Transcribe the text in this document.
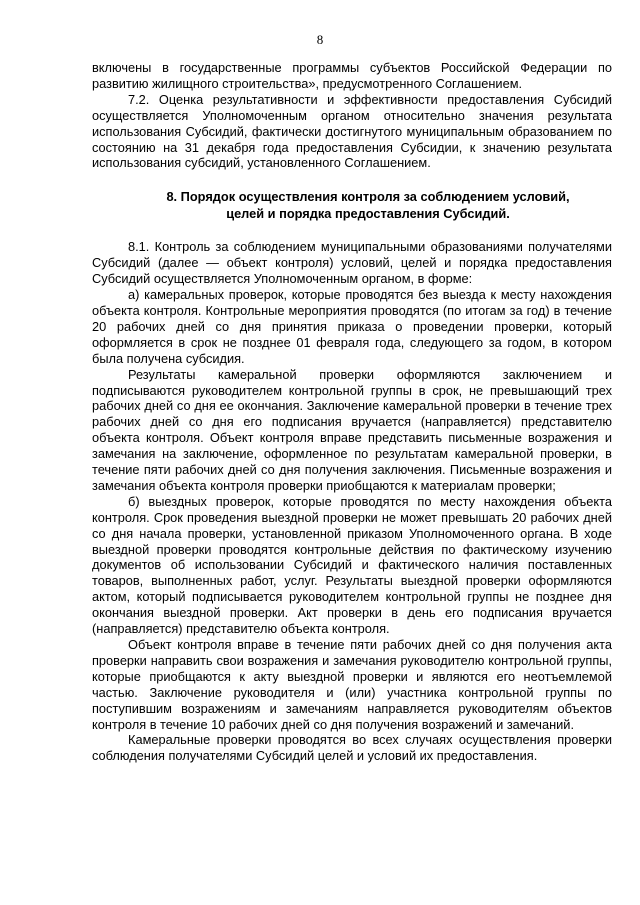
8

включены в государственные программы субъектов Российской Федерации по развитию жилищного строительства», предусмотренного Соглашением.

7.2. Оценка результативности и эффективности предоставления Субсидий осуществляется Уполномоченным органом относительно значения результата использования Субсидий, фактически достигнутого муниципальным образованием по состоянию на 31 декабря года предоставления Субсидии, к значению результата использования субсидий, установленного Соглашением.

8. Порядок осуществления контроля за соблюдением условий, целей и порядка предоставления Субсидий.

8.1. Контроль за соблюдением муниципальными образованиями получателями Субсидий (далее — объект контроля) условий, целей и порядка предоставления Субсидий осуществляется Уполномоченным органом, в форме:

а) камеральных проверок, которые проводятся без выезда к месту нахождения объекта контроля. Контрольные мероприятия проводятся (по итогам за год) в течение 20 рабочих дней со дня принятия приказа о проведении проверки, который оформляется в срок не позднее 01 февраля года, следующего за годом, в котором была получена субсидия.

Результаты камеральной проверки оформляются заключением и подписываются руководителем контрольной группы в срок, не превышающий трех рабочих дней со дня ее окончания. Заключение камеральной проверки в течение трех рабочих дней со дня его подписания вручается (направляется) представителю объекта контроля. Объект контроля вправе представить письменные возражения и замечания на заключение, оформленное по результатам камеральной проверки, в течение пяти рабочих дней со дня получения заключения. Письменные возражения и замечания объекта контроля проверки приобщаются к материалам проверки;

б) выездных проверок, которые проводятся по месту нахождения объекта контроля. Срок проведения выездной проверки не может превышать 20 рабочих дней со дня начала проверки, установленной приказом Уполномоченного органа. В ходе выездной проверки проводятся контрольные действия по фактическому изучению документов об использовании Субсидий и фактического наличия поставленных товаров, выполненных работ, услуг. Результаты выездной проверки оформляются актом, который подписывается руководителем контрольной группы не позднее дня окончания выездной проверки. Акт проверки в день его подписания вручается (направляется) представителю объекта контроля.

Объект контроля вправе в течение пяти рабочих дней со дня получения акта проверки направить свои возражения и замечания руководителю контрольной группы, которые приобщаются к акту выездной проверки и являются его неотъемлемой частью. Заключение руководителя и (или) участника контрольной группы по поступившим возражениям и замечаниям направляется руководителям объектов контроля в течение 10 рабочих дней со дня получения возражений и замечаний.

Камеральные проверки проводятся во всех случаях осуществления проверки соблюдения получателями Субсидий целей и условий их предоставления.
